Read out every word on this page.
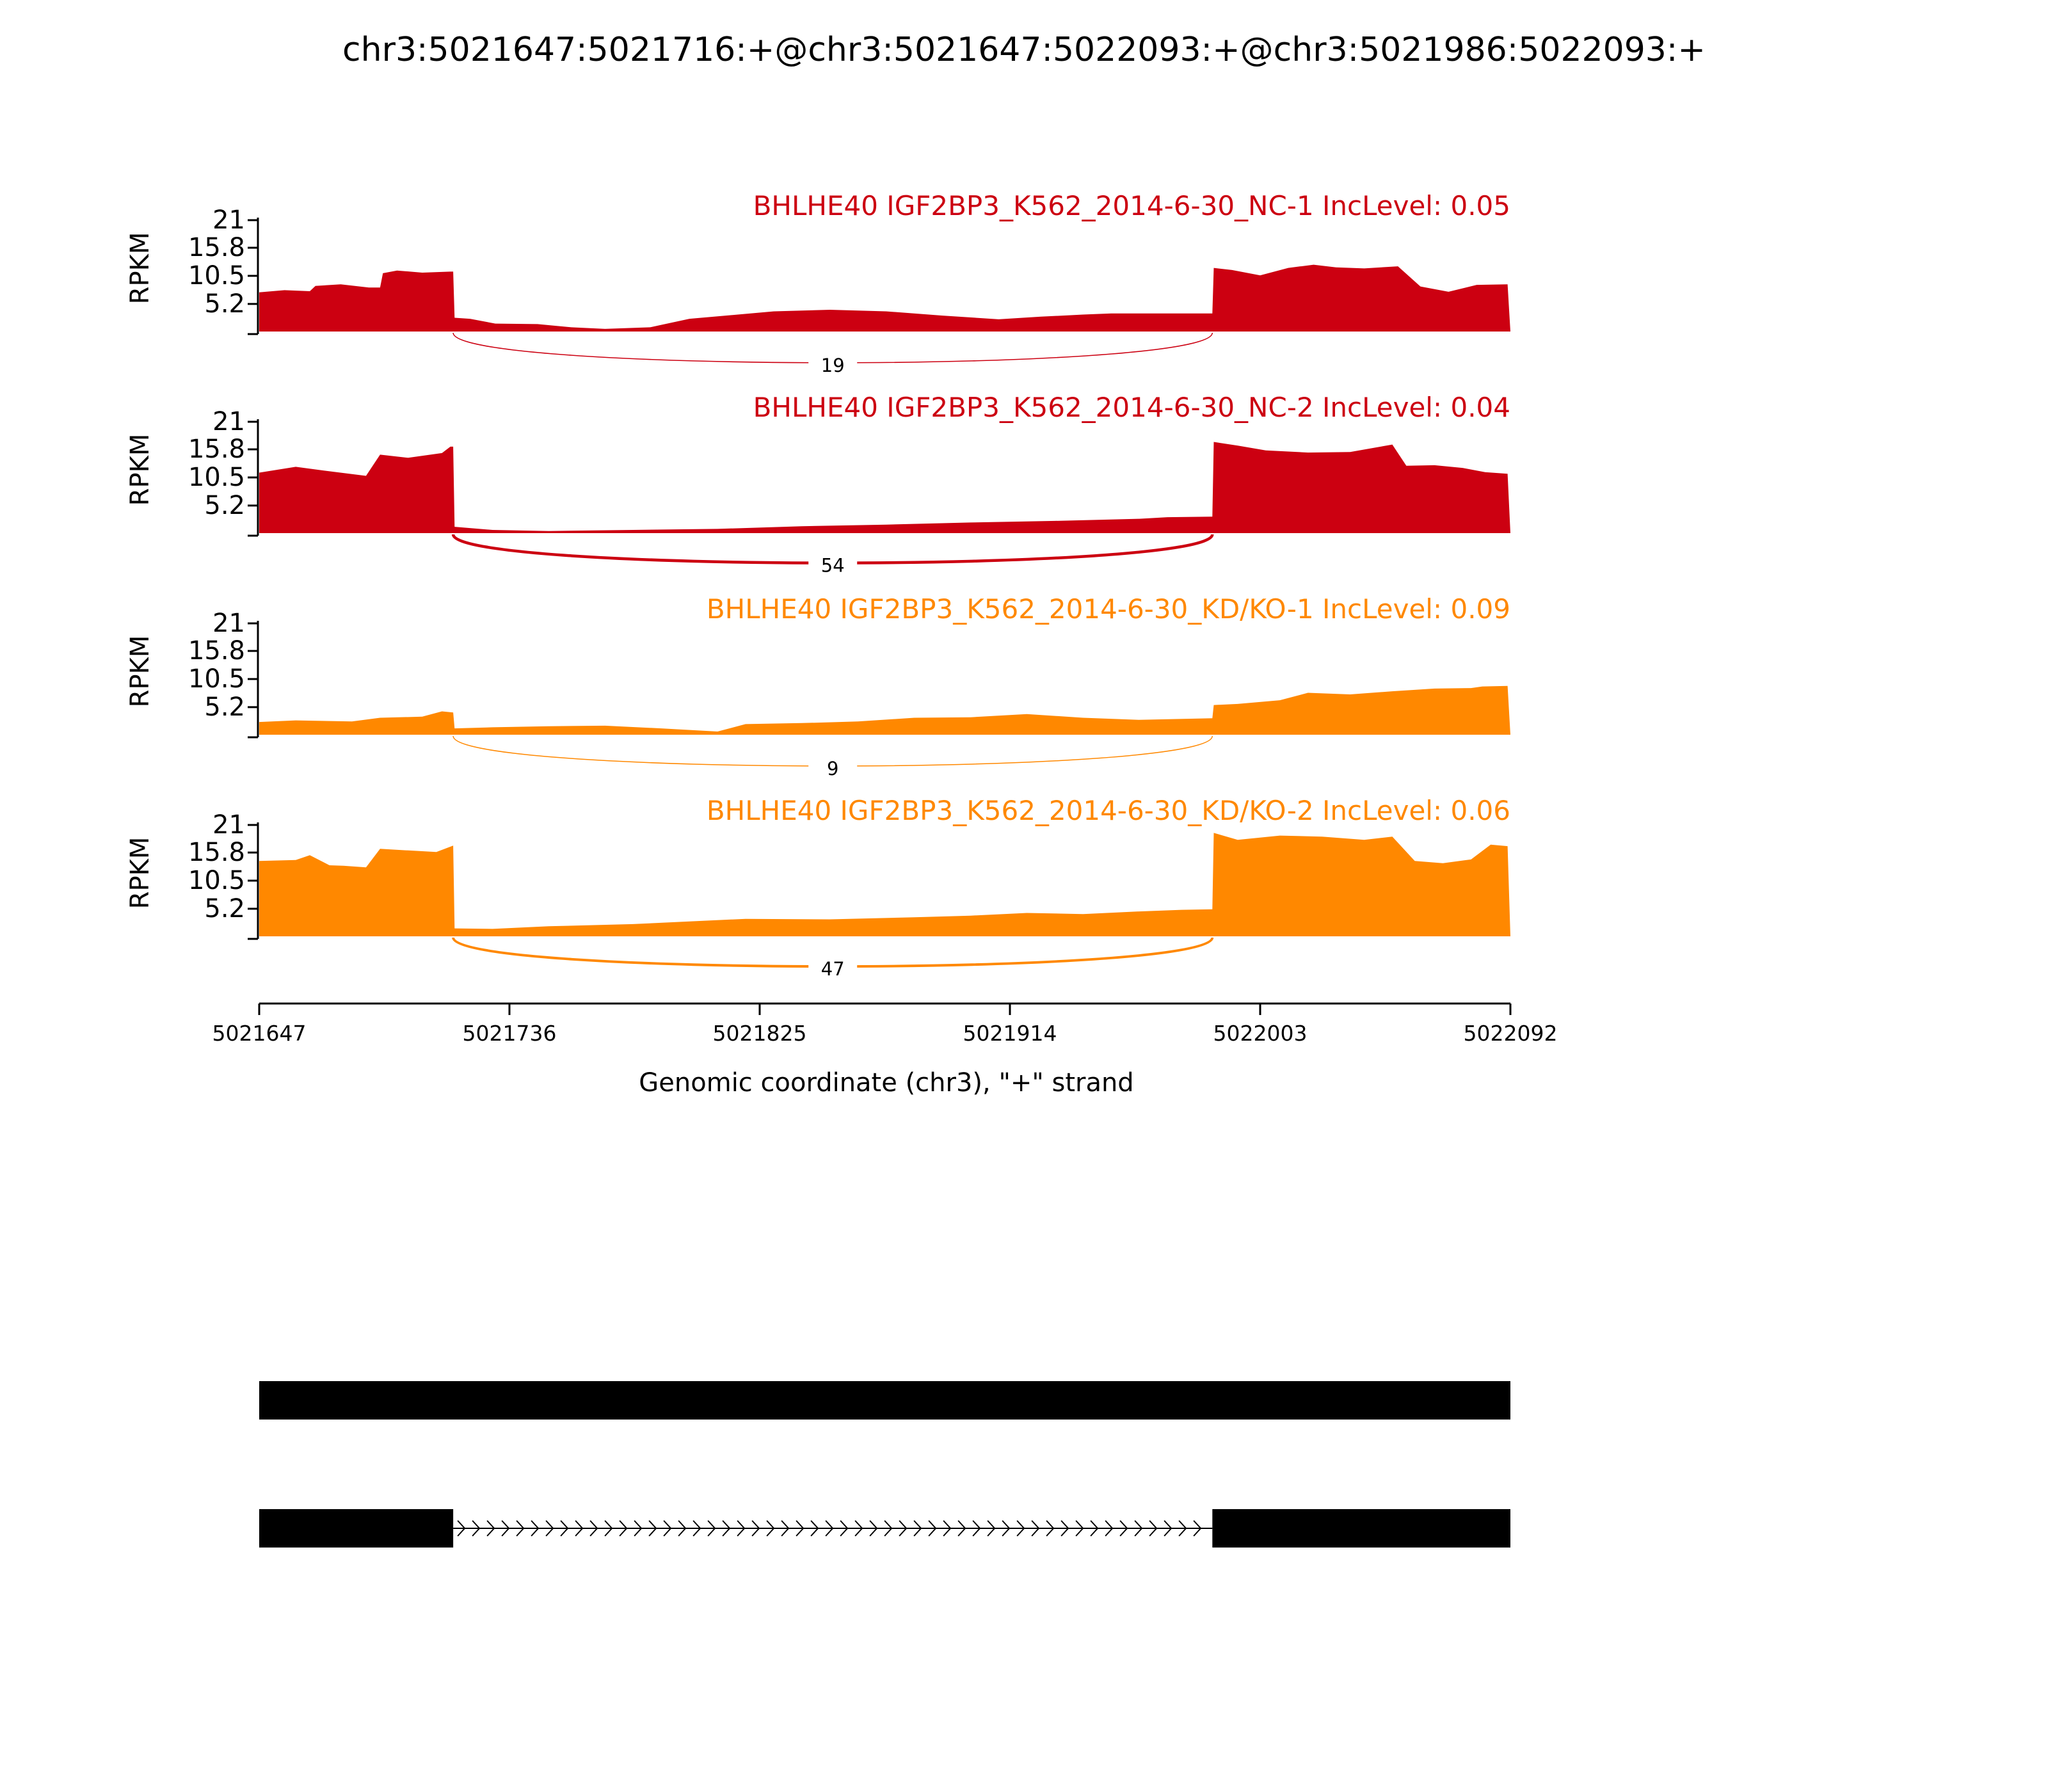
chr3:5021647:5021716:+@chr3:5021647:5022093:+@chr3:5021986:5022093:+
BHLHE40 IGF2BP3_K562_2014-6-30_NC-1 IncLevel: 0.05
5.2
10.5
15.8
21
RPKM
19
BHLHE40 IGF2BP3_K562_2014-6-30_NC-2 IncLevel: 0.04
5.2
10.5
15.8
21
RPKM
54
BHLHE40 IGF2BP3_K562_2014-6-30_KD/KO-1 IncLevel: 0.09
5.2
10.5
15.8
21
RPKM
9
BHLHE40 IGF2BP3_K562_2014-6-30_KD/KO-2 IncLevel: 0.06
5.2
10.5
15.8
21
RPKM
47
5021647	5021736	5021825	5021914	5022003	5022092
Genomic coordinate (chr3), "+" strand
